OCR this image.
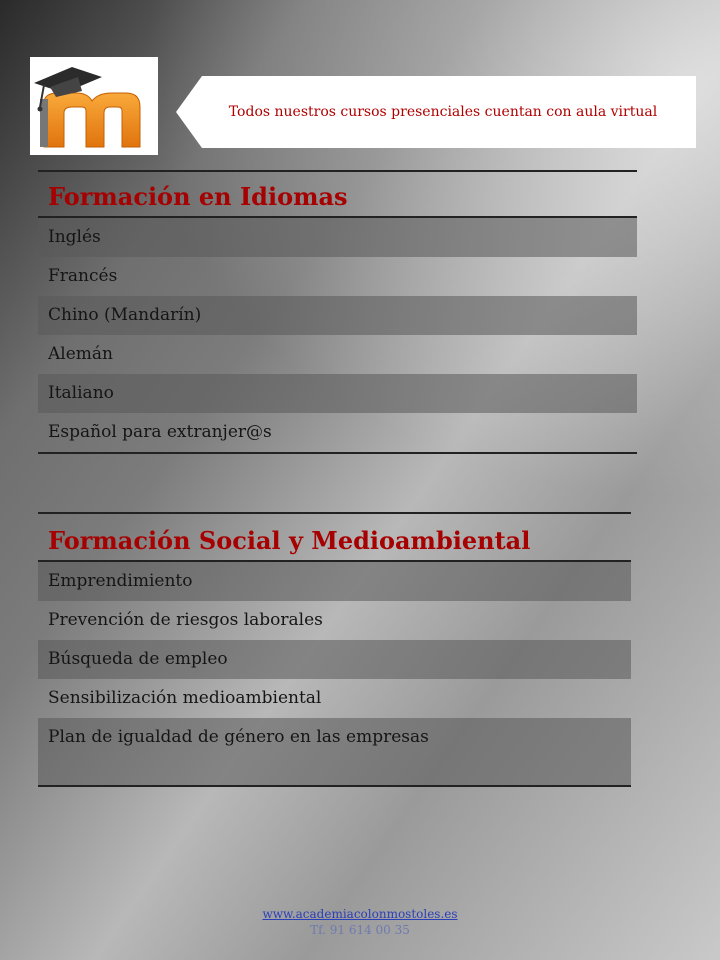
Todos nuestros cursos presenciales cuentan con aula virtual
Formación en Idiomas
Inglés
Francés
Chino (Mandarín)
Alemán
Italiano
Español para extranjer@s
Formación Social y Medioambiental
Emprendimiento
Prevención de riesgos laborales
Búsqueda de empleo
Sensibilización medioambiental
Plan de igualdad de género en las empresas
www.academiacolonmostoles.es
Tf. 91 614 00 35
